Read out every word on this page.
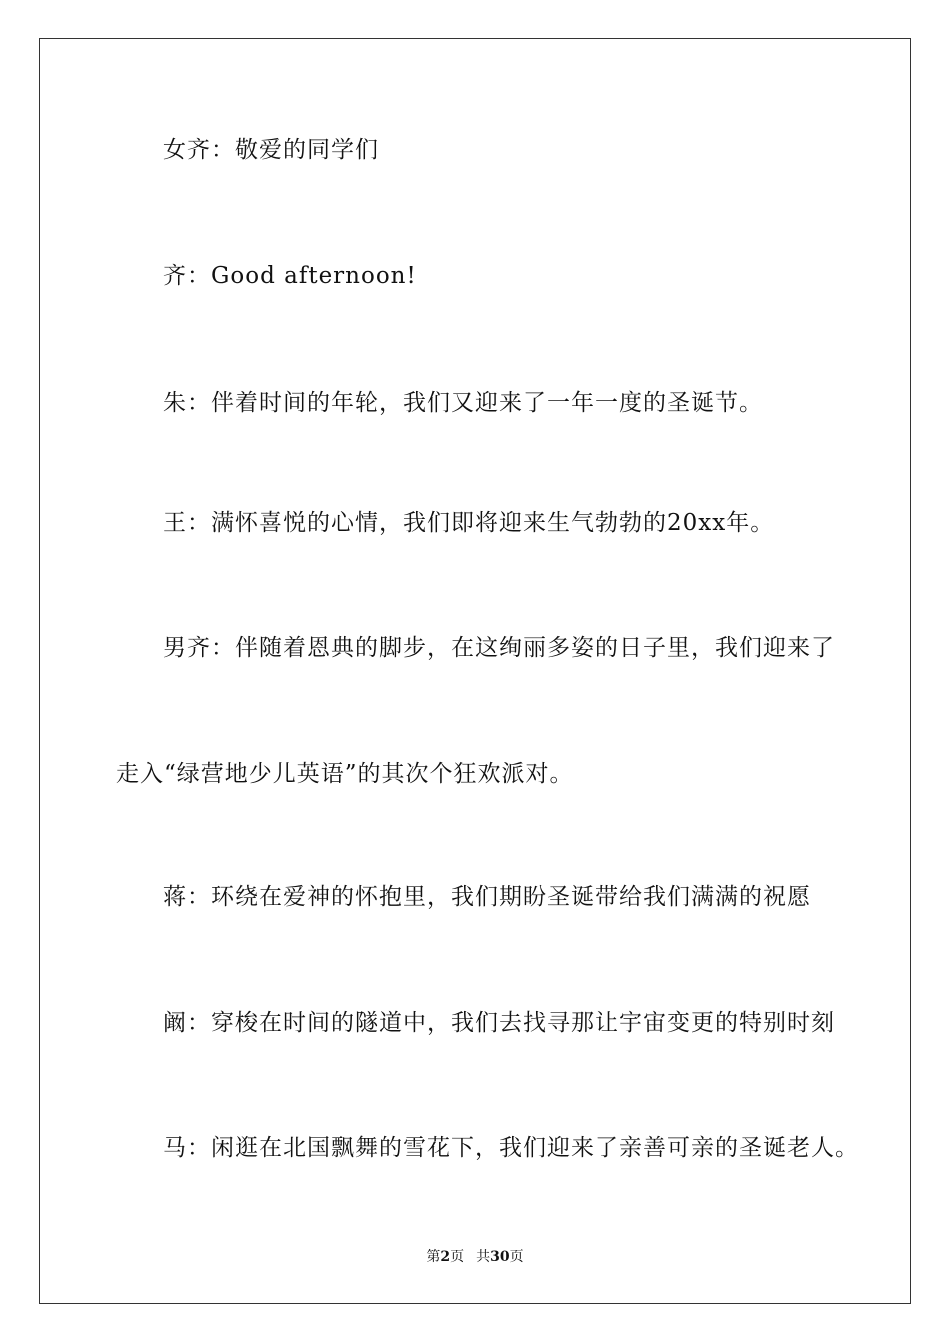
女齐：敬爱的同学们
齐：Good afternoon!
朱：伴着时间的年轮，我们又迎来了一年一度的圣诞节。
王：满怀喜悦的心情，我们即将迎来生气勃勃的20xx年。
男齐：伴随着恩典的脚步，在这绚丽多姿的日子里，我们迎来了
走入“绿营地少儿英语”的其次个狂欢派对。
蒋：环绕在爱神的怀抱里，我们期盼圣诞带给我们满满的祝愿
阚：穿梭在时间的隧道中，我们去找寻那让宇宙变更的特别时刻
马：闲逛在北国飘舞的雪花下，我们迎来了亲善可亲的圣诞老人。
第2页 共30页
